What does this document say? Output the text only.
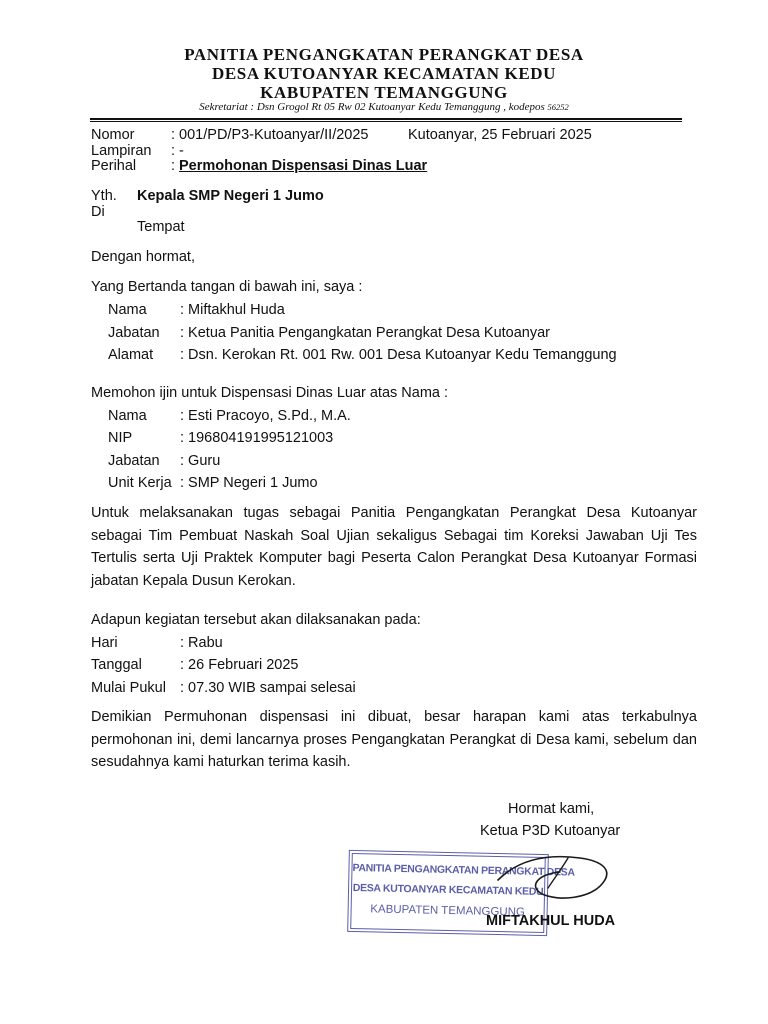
PANITIA PENGANGKATAN PERANGKAT DESA
DESA KUTOANYAR KECAMATAN KEDU
KABUPATEN TEMANGGUNG
Sekretariat : Dsn Grogol Rt 05 Rw 02 Kutoanyar Kedu Temanggung , kodepos 56252
Nomor	: 001/PD/P3-Kutoanyar/II/2025	Kutoanyar, 25 Februari 2025
Lampiran : -
Perihal : Permohonan Dispensasi Dinas Luar
Yth. Kepala SMP Negeri 1 Jumo
Di
Tempat
Dengan hormat,
Yang Bertanda tangan di bawah ini, saya :
Nama : Miftakhul Huda
Jabatan : Ketua Panitia Pengangkatan Perangkat Desa Kutoanyar
Alamat : Dsn. Kerokan Rt. 001 Rw. 001 Desa Kutoanyar Kedu Temanggung
Memohon ijin untuk Dispensasi Dinas Luar atas Nama :
Nama : Esti Pracoyo, S.Pd., M.A.
NIP	: 196804191995121003
Jabatan : Guru
Unit Kerja : SMP Negeri 1 Jumo
Untuk melaksanakan tugas sebagai Panitia Pengangkatan Perangkat Desa Kutoanyar sebagai Tim Pembuat Naskah Soal Ujian sekaligus Sebagai tim Koreksi Jawaban Uji Tes Tertulis serta Uji Praktek Komputer bagi Peserta Calon Perangkat Desa Kutoanyar Formasi jabatan Kepala Dusun Kerokan.
Adapun kegiatan tersebut akan dilaksanakan pada:
Hari	: Rabu
Tanggal	: 26 Februari 2025
Mulai Pukul : 07.30 WIB sampai selesai
Demikian Permuhonan dispensasi ini dibuat, besar harapan kami atas terkabulnya permohonan ini, demi lancarnya proses Pengangkatan Perangkat di Desa kami, sebelum dan sesudahnya kami haturkan terima kasih.
Hormat kami,
Ketua P3D Kutoanyar
PANITIA PENGANGKATAN PERANGKAT DESA
DESA KUTOANYAR KECAMATAN KEDU
KABUPATEN TEMANGGUNG
MIFTAKHUL HUDA
